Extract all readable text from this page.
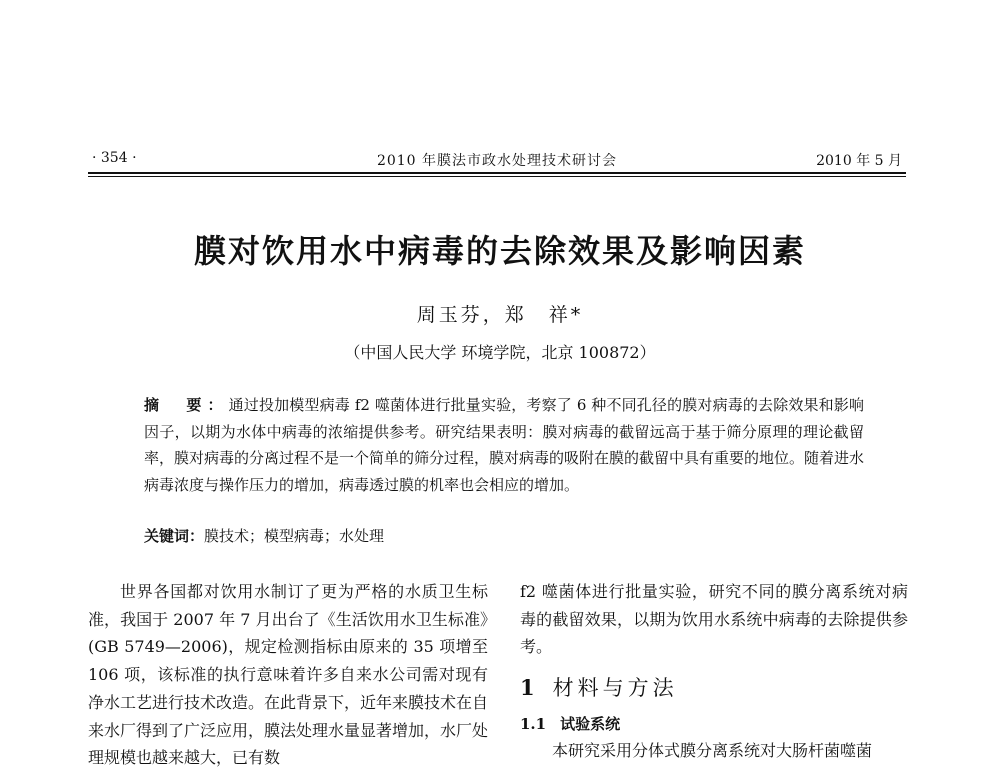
· 354 ·	2010 年膜法市政水处理技术研讨会	2010 年 5 月
膜对饮用水中病毒的去除效果及影响因素
周玉芬，郑　祥*
（中国人民大学 环境学院，北京 100872）
摘　要：通过投加模型病毒 f2 噬菌体进行批量实验，考察了 6 种不同孔径的膜对病毒的去除效果和影响因子，以期为水体中病毒的浓缩提供参考。研究结果表明：膜对病毒的截留远高于基于筛分原理的理论截留率，膜对病毒的分离过程不是一个简单的筛分过程，膜对病毒的吸附在膜的截留中具有重要的地位。随着进水病毒浓度与操作压力的增加，病毒透过膜的机率也会相应的增加。
关键词：膜技术；模型病毒；水处理
世界各国都对饮用水制订了更为严格的水质卫生标准，我国于 2007 年 7 月出台了《生活饮用水卫生标准》(GB 5749—2006)，规定检测指标由原来的 35 项增至 106 项，该标准的执行意味着许多自来水公司需对现有净水工艺进行技术改造。在此背景下，近年来膜技术在自来水厂得到了广泛应用，膜法处理水量显著增加，水厂处理规模也越来越大，已有数
f2 噬菌体进行批量实验，研究不同的膜分离系统对病毒的截留效果，以期为饮用水系统中病毒的去除提供参考。
1 材料与方法
1.1 试验系统
本研究采用分体式膜分离系统对大肠杆菌噬菌
